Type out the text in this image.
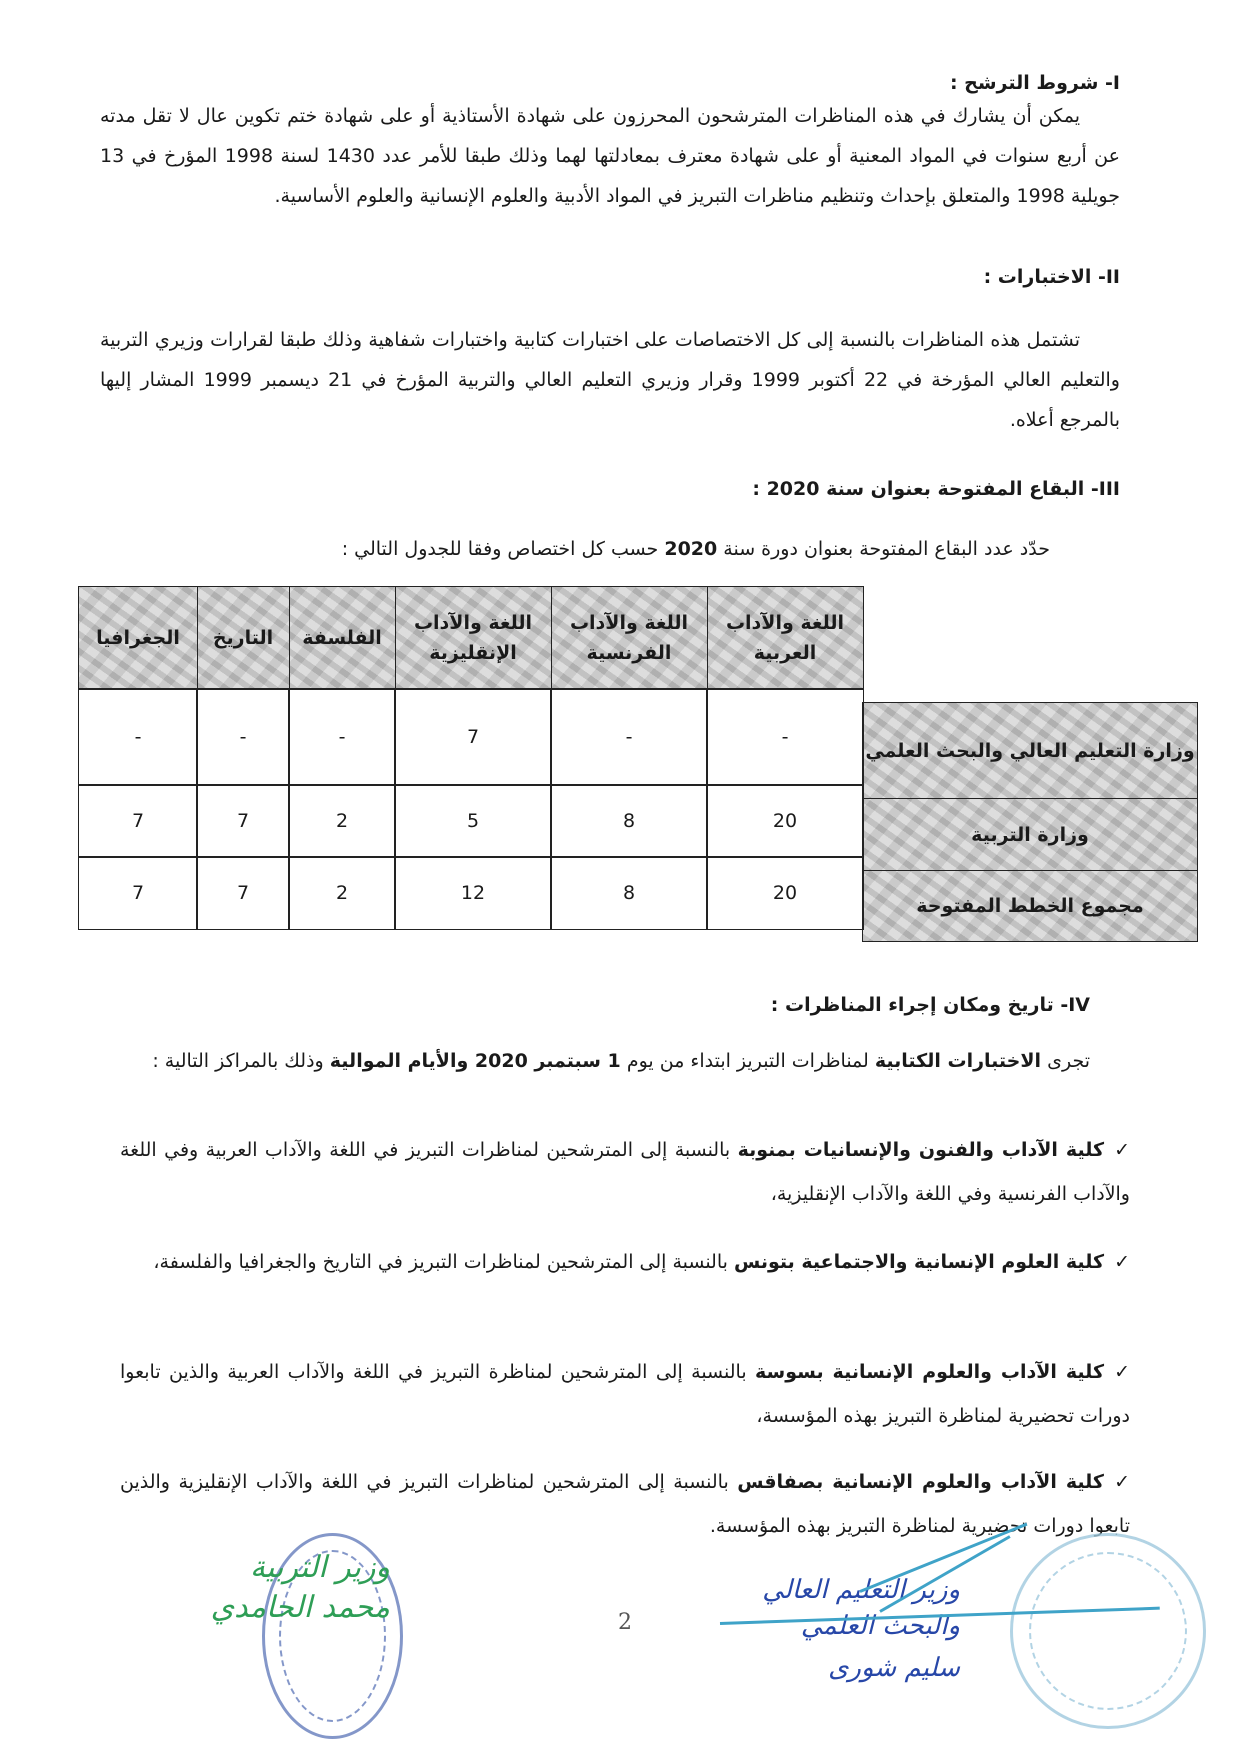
I- شروط الترشح :
يمكن أن يشارك في هذه المناظرات المترشحون المحرزون على شهادة الأستاذية أو على شهادة ختم تكوين عال لا تقل مدته عن أربع سنوات في المواد المعنية أو على شهادة معترف بمعادلتها لهما وذلك طبقا للأمر عدد 1430 لسنة 1998 المؤرخ في 13 جويلية 1998 والمتعلق بإحداث وتنظيم مناظرات التبريز في المواد الأدبية والعلوم الإنسانية والعلوم الأساسية.
II- الاختبارات :
تشتمل هذه المناظرات بالنسبة إلى كل الاختصاصات على اختبارات كتابية واختبارات شفاهية وذلك طبقا لقرارات وزيري التربية والتعليم العالي المؤرخة في 22 أكتوبر 1999 وقرار وزيري التعليم العالي والتربية المؤرخ في 21 ديسمبر 1999 المشار إليها بالمرجع أعلاه.
III- البقاع المفتوحة بعنوان سنة 2020 :
حدّد عدد البقاع المفتوحة بعنوان دورة سنة 2020 حسب كل اختصاص وفقا للجدول التالي :
اللغة والآداب العربية
اللغة والآداب الفرنسية
اللغة والآداب الإنقليزية
الفلسفة
التاريخ
الجغرافيا
وزارة التعليم العالي والبحث العلمي
-
-
7
-
-
-
وزارة التربية
20
8
5
2
7
7
مجموع الخطط المفتوحة
20
8
12
2
7
7
IV- تاريخ ومكان إجراء المناظرات :
تجرى الاختبارات الكتابية لمناظرات التبريز ابتداء من يوم 1 سبتمبر 2020 والأيام الموالية وذلك بالمراكز التالية :
✓كلية الآداب والفنون والإنسانيات بمنوبة بالنسبة إلى المترشحين لمناظرات التبريز في اللغة والآداب العربية وفي اللغة والآداب الفرنسية وفي اللغة والآداب الإنقليزية،
✓كلية العلوم الإنسانية والاجتماعية بتونس بالنسبة إلى المترشحين لمناظرات التبريز في التاريخ والجغرافيا والفلسفة،
✓كلية الآداب والعلوم الإنسانية بسوسة بالنسبة إلى المترشحين لمناظرة التبريز في اللغة والآداب العربية والذين تابعوا دورات تحضيرية لمناظرة التبريز بهذه المؤسسة،
✓كلية الآداب والعلوم الإنسانية بصفاقس بالنسبة إلى المترشحين لمناظرات التبريز في اللغة والآداب الإنقليزية والذين تابعوا دورات تحضيرية لمناظرة التبريز بهذه المؤسسة.
وزير التربية
محمد الحامدي	وزير التعليم العالي
والبحث العلمي
سليم شورى
2
